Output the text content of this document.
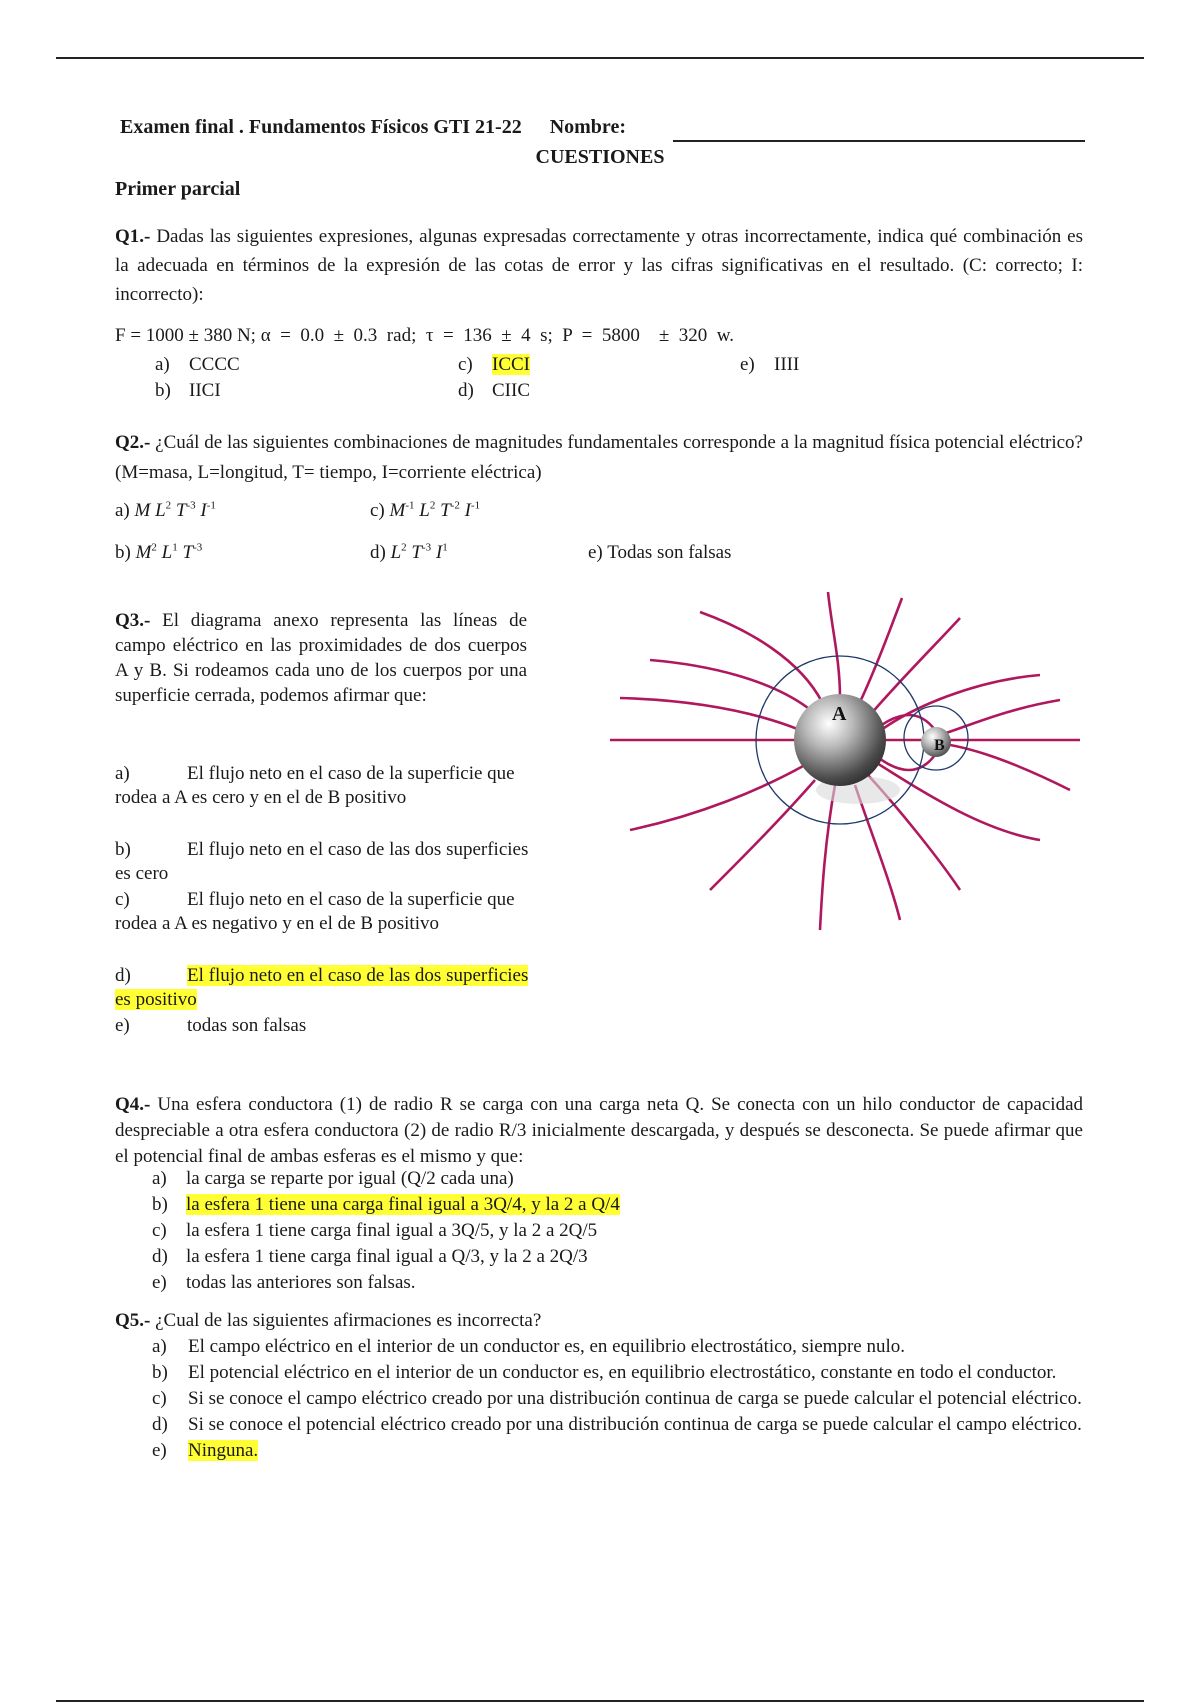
Examen final . Fundamentos Físicos GTI 21-22 Nombre:
CUESTIONES
Primer parcial
Q1.- Dadas las siguientes expresiones, algunas expresadas correctamente y otras incorrectamente, indica qué combinación es la adecuada en términos de la expresión de las cotas de error y las cifras significativas en el resultado. (C: correcto; I: incorrecto):
F = 1000 ± 380 N; α  =  0.0  ±  0.3  rad;  τ  =  136  ±  4  s;  P  =  5800    ±  320  w.
a) CCCC
b) IICI
c) ICCI
d) CIIC
e) IIII
Q2.- ¿Cuál de las siguientes combinaciones de magnitudes fundamentales corresponde a la magnitud física potencial eléctrico?(M=masa, L=longitud, T= tiempo, I=corriente eléctrica)
a) M $L^2$ $T^{-3}$ $I^{-1}$	c) $M^{-1}$ $L^2$ $T^{-2}$ $I^{-1}$
b) $M^2$ $L^1$ $T^{-3}$	d) $L^2$ $T^{-3}$ $I^1$	e) Todas son falsas
Q3.- El diagrama anexo representa las líneas de campo eléctrico en las proximidades de dos cuerpos A y B. Si rodeamos cada uno de los cuerpos por una superficie cerrada, podemos afirmar que:
a)	El flujo neto en el caso de la superficie que rodea a A es cero y en el de B positivo
b)	El flujo neto en el caso de las dos superficies es cero
c)	El flujo neto en el caso de la superficie que rodea a A es negativo y en el de B positivo
d)	El flujo neto en el caso de las dos superficies es positivo
e)	todas son falsas
A
B
Q4.- Una esfera conductora (1) de radio R se carga con una carga neta Q. Se conecta con un hilo conductor de capacidad despreciable a otra esfera conductora (2) de radio R/3 inicialmente descargada, y después se desconecta. Se puede afirmar que el potencial final de ambas esferas es el mismo y que:
a) la carga se reparte por igual (Q/2 cada una)
b) la esfera 1 tiene una carga final igual a 3Q/4, y la 2 a Q/4
c) la esfera 1 tiene carga final igual a 3Q/5, y la 2 a 2Q/5
d) la esfera 1 tiene carga final igual a Q/3, y la 2 a 2Q/3
e) todas las anteriores son falsas.
Q5.- ¿Cual de las siguientes afirmaciones es incorrecta?
a)	El campo eléctrico en el interior de un conductor es, en equilibrio electrostático, siempre nulo.
b)	El potencial eléctrico en el interior de un conductor es, en equilibrio electrostático, constante en todo el conductor.
c)	Si se conoce el campo eléctrico creado por una distribución continua de carga se puede calcular el potencial eléctrico.
d)	Si se conoce el potencial eléctrico creado por una distribución continua de carga se puede calcular el campo eléctrico.
e)	Ninguna.
